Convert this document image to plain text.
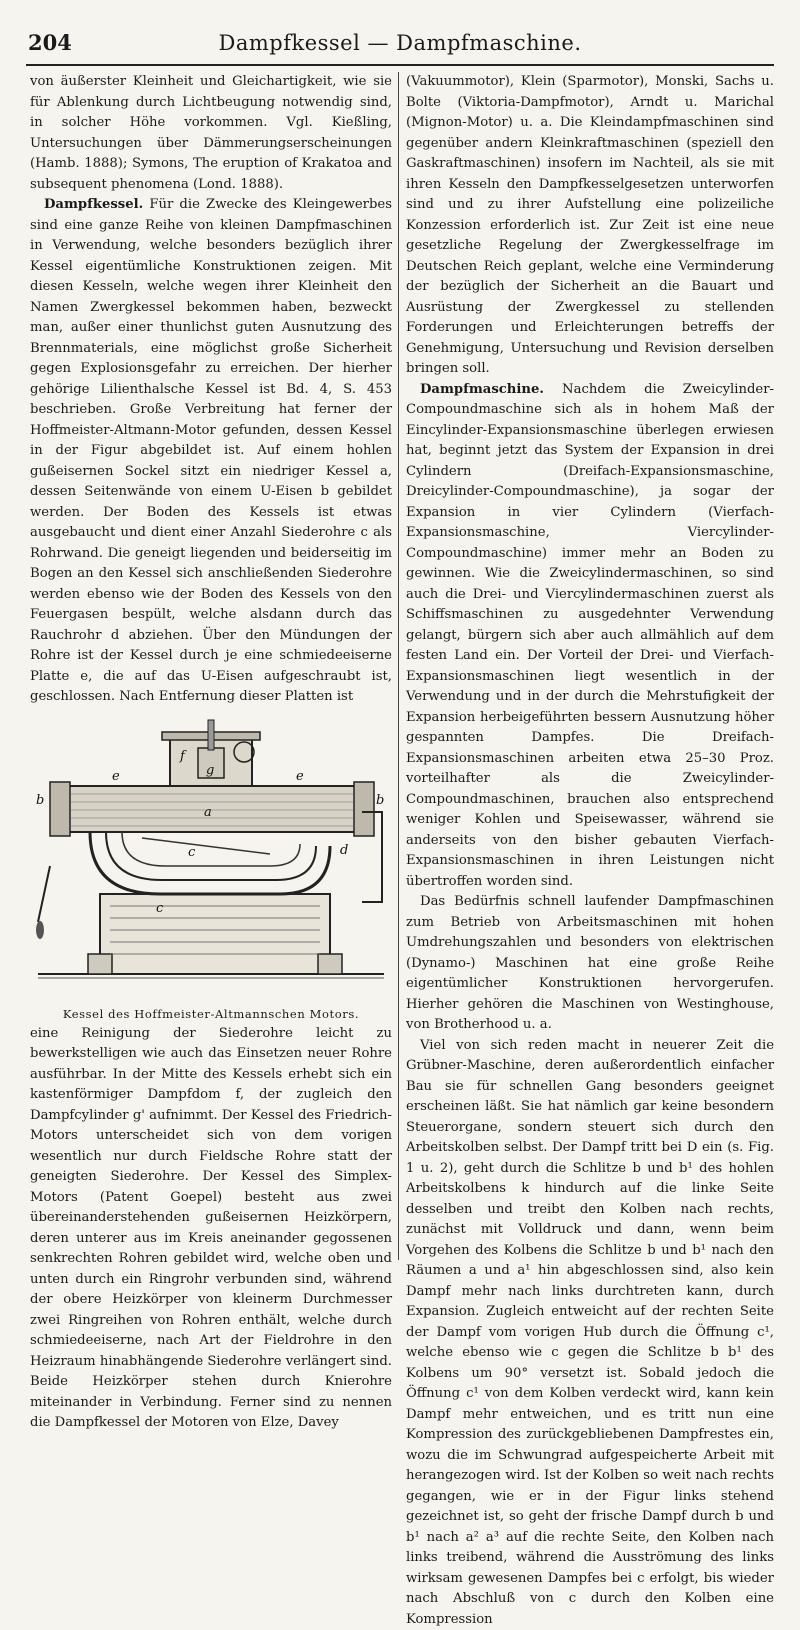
204	Dampfkessel — Dampfmaschine.

von äußerster Kleinheit und Gleichartigkeit, wie sie für Ablenkung durch Lichtbeugung notwendig sind, in solcher Höhe vorkommen. Vgl. Kießling, Untersuchungen über Dämmerungserscheinungen (Hamb. 1888); Symons, The eruption of Krakatoa and subsequent phenomena (Lond. 1888).

Dampfkessel. Für die Zwecke des Kleingewerbes sind eine ganze Reihe von kleinen Dampfmaschinen in Verwendung, welche besonders bezüglich ihrer Kessel eigentümliche Konstruktionen zeigen. Mit diesen Kesseln, welche wegen ihrer Kleinheit den Namen Zwergkessel bekommen haben, bezweckt man, außer einer thunlichst guten Ausnutzung des Brennmaterials, eine möglichst große Sicherheit gegen Explosionsgefahr zu erreichen. Der hierher gehörige Lilienthalsche Kessel ist Bd. 4, S. 453 beschrieben. Große Verbreitung hat ferner der Hoffmeister-Altmann-Motor gefunden, dessen Kessel in der Figur abgebildet ist. Auf einem hohlen gußeisernen Sockel sitzt ein niedriger Kessel a, dessen Seitenwände von einem U-Eisen b gebildet werden. Der Boden des Kessels ist etwas ausgebaucht und dient einer Anzahl Siederohre c als Rohrwand. Die geneigt liegenden und beiderseitig im Bogen an den Kessel sich anschließenden Siederohre werden ebenso wie der Boden des Kessels von den Feuergasen bespült, welche alsdann durch das Rauchrohr d abziehen. Über den Mündungen der Rohre ist der Kessel durch je eine schmiedeeiserne Platte e, die auf das U-Eisen aufgeschraubt ist, geschlossen. Nach Entfernung dieser Platten ist

f
g
e	e
b	b
a
c
c
d
Kessel des Hoffmeister-Altmannschen Motors.

eine Reinigung der Siederohre leicht zu bewerkstelligen wie auch das Einsetzen neuer Rohre ausführbar. In der Mitte des Kessels erhebt sich ein kastenförmiger Dampfdom f, der zugleich den Dampfcylinder g' aufnimmt. Der Kessel des Friedrich-Motors unterscheidet sich von dem vorigen wesentlich nur durch Fieldsche Rohre statt der geneigten Siederohre. Der Kessel des Simplex-Motors (Patent Goepel) besteht aus zwei übereinanderstehenden gußeisernen Heizkörpern, deren unterer aus im Kreis aneinander gegossenen senkrechten Rohren gebildet wird, welche oben und unten durch ein Ringrohr verbunden sind, während der obere Heizkörper von kleinerm Durchmesser zwei Ringreihen von Rohren enthält, welche durch schmiedeeiserne, nach Art der Fieldrohre in den Heizraum hinabhängende Siederohre verlängert sind. Beide Heizkörper stehen durch Knierohre miteinander in Verbindung. Ferner sind zu nennen die Dampfkessel der Motoren von Elze, Davey

(Vakuummotor), Klein (Sparmotor), Monski, Sachs u. Bolte (Viktoria-Dampfmotor), Arndt u. Marichal (Mignon-Motor) u. a. Die Kleindampfmaschinen sind gegenüber andern Kleinkraftmaschinen (speziell den Gaskraftmaschinen) insofern im Nachteil, als sie mit ihren Kesseln den Dampfkesselgesetzen unterworfen sind und zu ihrer Aufstellung eine polizeiliche Konzession erforderlich ist. Zur Zeit ist eine neue gesetzliche Regelung der Zwergkesselfrage im Deutschen Reich geplant, welche eine Verminderung der bezüglich der Sicherheit an die Bauart und Ausrüstung der Zwergkessel zu stellenden Forderungen und Erleichterungen betreffs der Genehmigung, Untersuchung und Revision derselben bringen soll.

Dampfmaschine. Nachdem die Zweicylinder-Compoundmaschine sich als in hohem Maß der Eincylinder-Expansionsmaschine überlegen erwiesen hat, beginnt jetzt das System der Expansion in drei Cylindern (Dreifach-Expansionsmaschine, Dreicylinder-Compoundmaschine), ja sogar der Expansion in vier Cylindern (Vierfach-Expansionsmaschine, Viercylinder-Compoundmaschine) immer mehr an Boden zu gewinnen. Wie die Zweicylindermaschinen, so sind auch die Drei- und Viercylindermaschinen zuerst als Schiffsmaschinen zu ausgedehnter Verwendung gelangt, bürgern sich aber auch allmählich auf dem festen Land ein. Der Vorteil der Drei- und Vierfach-Expansionsmaschinen liegt wesentlich in der Verwendung und in der durch die Mehrstufigkeit der Expansion herbeigeführten bessern Ausnutzung höher gespannten Dampfes. Die Dreifach-Expansionsmaschinen arbeiten etwa 25–30 Proz. vorteilhafter als die Zweicylinder-Compoundmaschinen, brauchen also entsprechend weniger Kohlen und Speisewasser, während sie anderseits von den bisher gebauten Vierfach-Expansionsmaschinen in ihren Leistungen nicht übertroffen worden sind.

Das Bedürfnis schnell laufender Dampfmaschinen zum Betrieb von Arbeitsmaschinen mit hohen Umdrehungszahlen und besonders von elektrischen (Dynamo-) Maschinen hat eine große Reihe eigentümlicher Konstruktionen hervorgerufen. Hierher gehören die Maschinen von Westinghouse, von Brotherhood u. a.

Viel von sich reden macht in neuerer Zeit die Grübner-Maschine, deren außerordentlich einfacher Bau sie für schnellen Gang besonders geeignet erscheinen läßt. Sie hat nämlich gar keine besondern Steuerorgane, sondern steuert sich durch den Arbeitskolben selbst. Der Dampf tritt bei D ein (s. Fig. 1 u. 2), geht durch die Schlitze b und b¹ des hohlen Arbeitskolbens k hindurch auf die linke Seite desselben und treibt den Kolben nach rechts, zunächst mit Volldruck und dann, wenn beim Vorgehen des Kolbens die Schlitze b und b¹ nach den Räumen a und a¹ hin abgeschlossen sind, also kein Dampf mehr nach links durchtreten kann, durch Expansion. Zugleich entweicht auf der rechten Seite der Dampf vom vorigen Hub durch die Öffnung c¹, welche ebenso wie c gegen die Schlitze b b¹ des Kolbens um 90° versetzt ist. Sobald jedoch die Öffnung c¹ von dem Kolben verdeckt wird, kann kein Dampf mehr entweichen, und es tritt nun eine Kompression des zurückgebliebenen Dampfrestes ein, wozu die im Schwungrad aufgespeicherte Arbeit mit herangezogen wird. Ist der Kolben so weit nach rechts gegangen, wie er in der Figur links stehend gezeichnet ist, so geht der frische Dampf durch b und b¹ nach a² a³ auf die rechte Seite, den Kolben nach links treibend, während die Ausströmung des links wirksam gewesenen Dampfes bei c erfolgt, bis wieder nach Abschluß von c durch den Kolben eine Kompression
